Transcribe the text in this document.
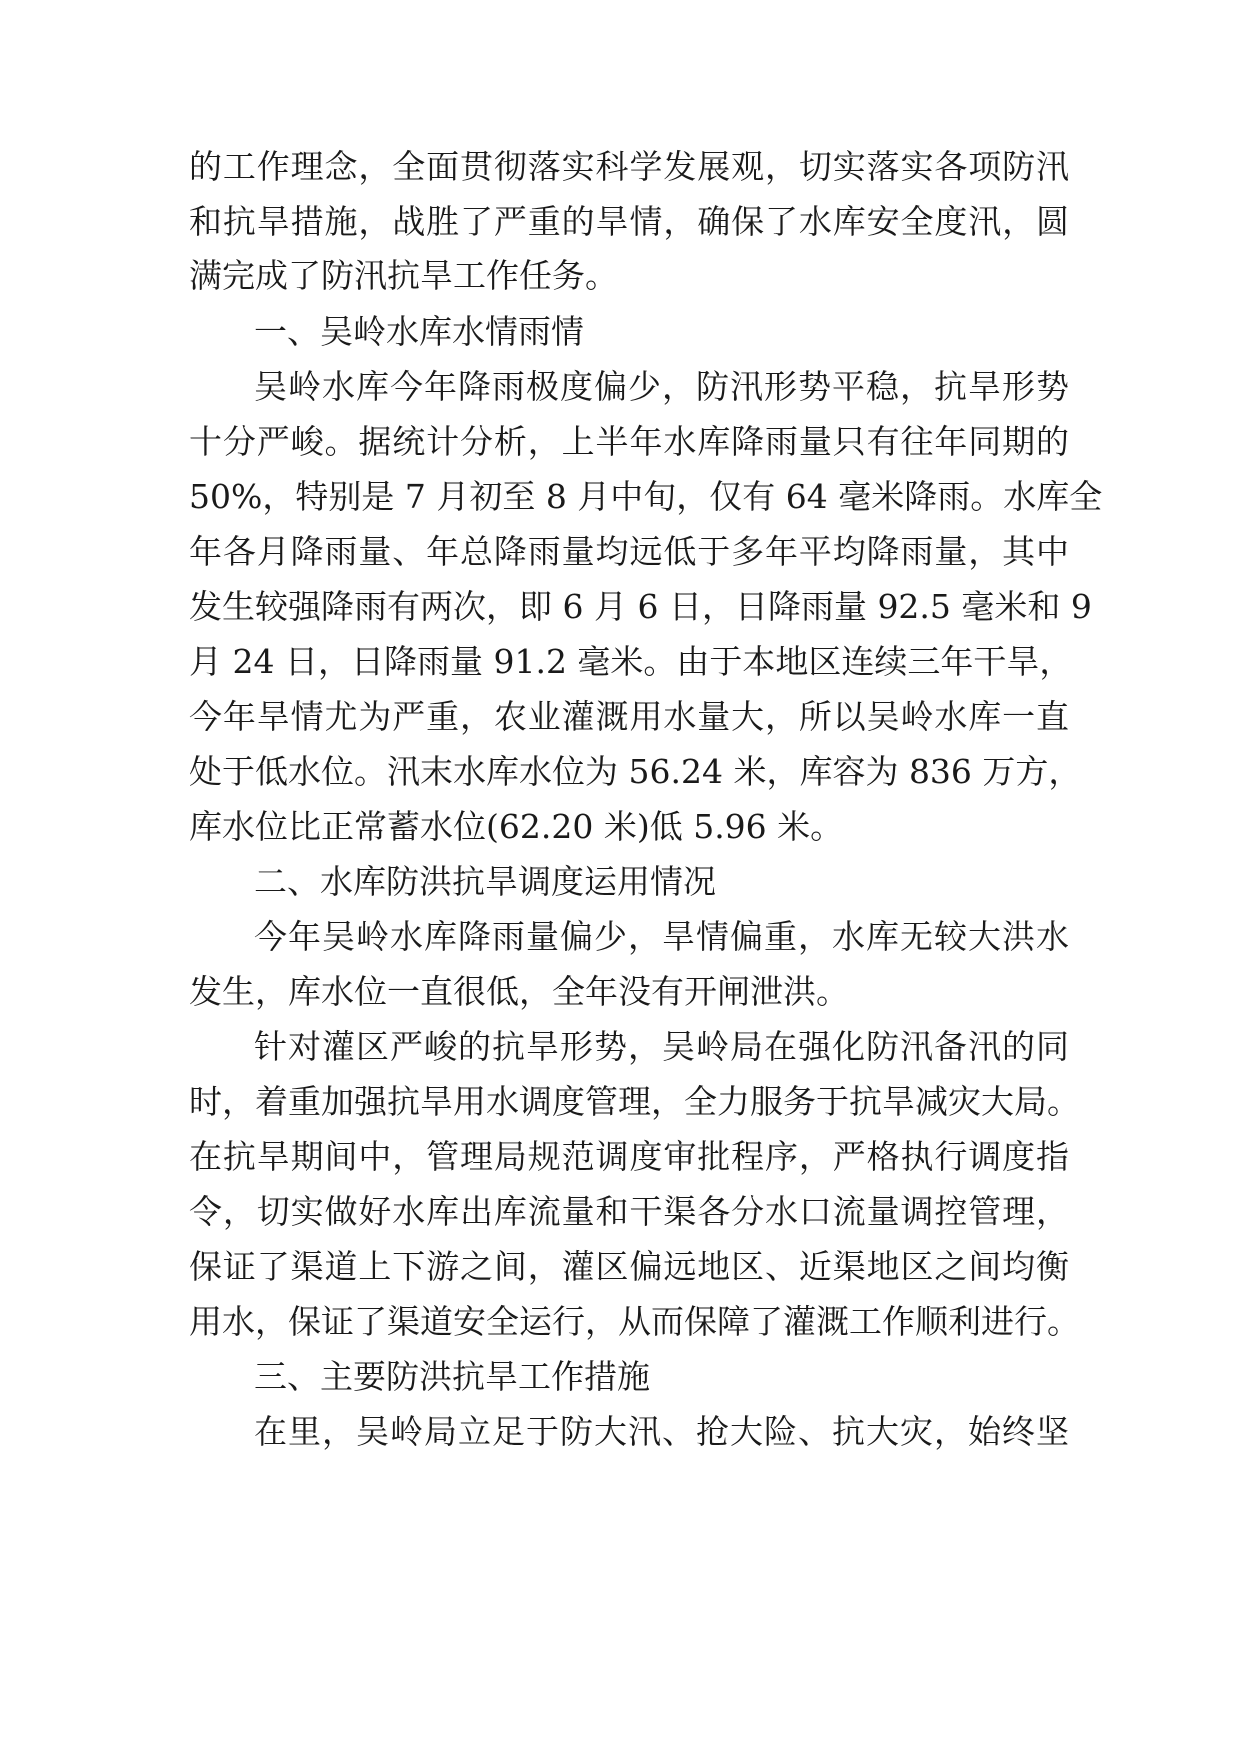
的工作理念，全面贯彻落实科学发展观，切实落实各项防汛
和抗旱措施，战胜了严重的旱情，确保了水库安全度汛，圆
满完成了防汛抗旱工作任务。
一、吴岭水库水情雨情
吴岭水库今年降雨极度偏少，防汛形势平稳，抗旱形势
十分严峻。据统计分析，上半年水库降雨量只有往年同期的
50%，特别是 7 月初至 8 月中旬，仅有 64 毫米降雨。水库全
年各月降雨量、年总降雨量均远低于多年平均降雨量，其中
发生较强降雨有两次，即 6 月 6 日，日降雨量 92.5 毫米和 9
月 24 日，日降雨量 91.2 毫米。由于本地区连续三年干旱，
今年旱情尤为严重，农业灌溉用水量大，所以吴岭水库一直
处于低水位。汛末水库水位为 56.24 米，库容为 836 万方，
库水位比正常蓄水位(62.20 米)低 5.96 米。
二、水库防洪抗旱调度运用情况
今年吴岭水库降雨量偏少，旱情偏重，水库无较大洪水
发生，库水位一直很低，全年没有开闸泄洪。
针对灌区严峻的抗旱形势，吴岭局在强化防汛备汛的同
时，着重加强抗旱用水调度管理，全力服务于抗旱减灾大局。
在抗旱期间中，管理局规范调度审批程序，严格执行调度指
令，切实做好水库出库流量和干渠各分水口流量调控管理，
保证了渠道上下游之间，灌区偏远地区、近渠地区之间均衡
用水，保证了渠道安全运行，从而保障了灌溉工作顺利进行。
三、主要防洪抗旱工作措施
在里，吴岭局立足于防大汛、抢大险、抗大灾，始终坚
